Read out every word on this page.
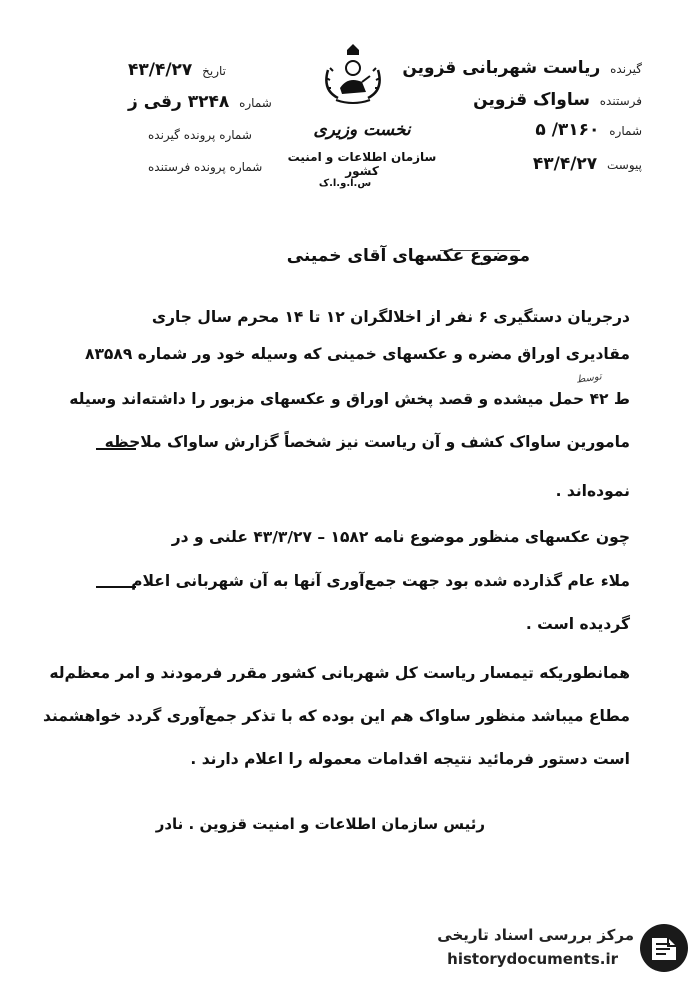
تاریخ ۴۳/۴/۲۷
شماره ۳۲۴۸ رقی ز
شماره پرونده گیرنده
شماره پرونده فرستنده
نخست وزیری
سازمان اطلاعات و امنیت کشور
س.ا.و.ا.ک
گیرنده ریاست شهربانی قزوین
فرستنده ساواک قزوین
شماره ۳۱۶۰/ ۵
پیوست ۴۳/۴/۲۷
موضوع عکسهای آقای خمینی
درجریان دستگیری ۶ نفر از اخلالگران ۱۲ تا ۱۴ محرم سال جاری
مقادیری اوراق مضره و عکسهای خمینی که وسیله‌ خود ور شماره ۸۳۵۸۹
ط ۴۲ حمل میشده و قصد پخش اوراق و عکسهای مزبور را داشته‌اند وسیله
توسط
مامورین ساواک کشف و آن ریاست نیز شخصاً گزارش ساواک ملاحظه
نموده‌اند .
چون عکسهای منظور موضوع نامه ۱۵۸۲ – ۴۳/۳/۲۷ علنی و در
ملاء عام گذارده شده بود جهت جمع‌آوری آنها به آن شهربانی اعلام
گردیده است .
همانطوریکه تیمسار ریاست کل شهربانی کشور مقرر فرمودند و امر معظم‌له
مطاع میباشد منظور ساواک هم این بوده که با تذکر جمع‌آوری گردد خواهشمند
است دستور فرمائید نتیجه اقدامات معموله را اعلام دارند .
رئیس سازمان اطلاعات و امنیت قزوین . نادر
مرکز بررسی اسناد تاریخی
historydocuments.ir
